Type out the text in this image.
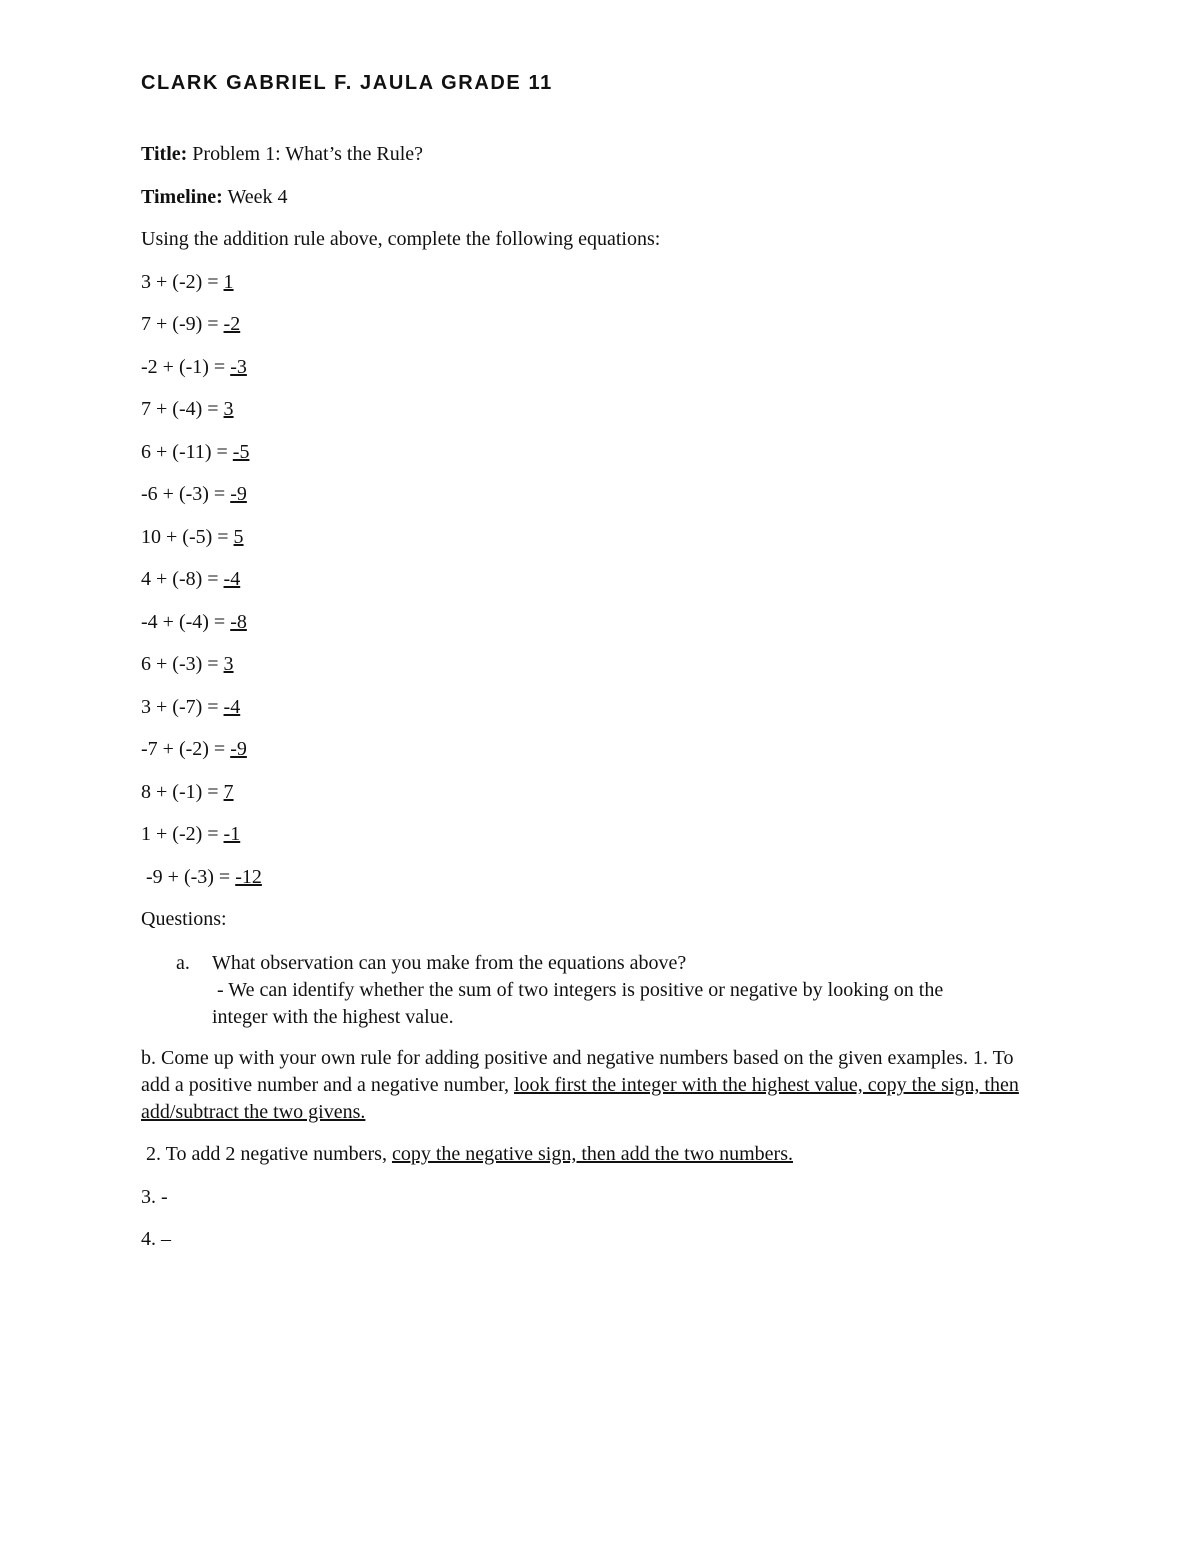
CLARK GABRIEL F. JAULA GRADE 11
Title: Problem 1: What’s the Rule?
Timeline: Week 4
Using the addition rule above, complete the following equations:
3 + (-2) = 1
7 + (-9) = -2
-2 + (-1) = -3
7 + (-4) = 3
6 + (-11) = -5
-6 + (-3) = -9
10 + (-5) = 5
4 + (-8) = -4
-4 + (-4) = -8
6 + (-3) = 3
3 + (-7) = -4
-7 + (-2) = -9
8 + (-1) = 7
1 + (-2) = -1
-9 + (-3) = -12
Questions:
a. What observation can you make from the equations above?
- We can identify whether the sum of two integers is positive or negative by looking on the
integer with the highest value.
b. Come up with your own rule for adding positive and negative numbers based on the given examples. 1. To add a positive number and a negative number, look first the integer with the highest value, copy the sign, then add/subtract the two givens.
2. To add 2 negative numbers, copy the negative sign, then add the two numbers.
3. -
4. –
